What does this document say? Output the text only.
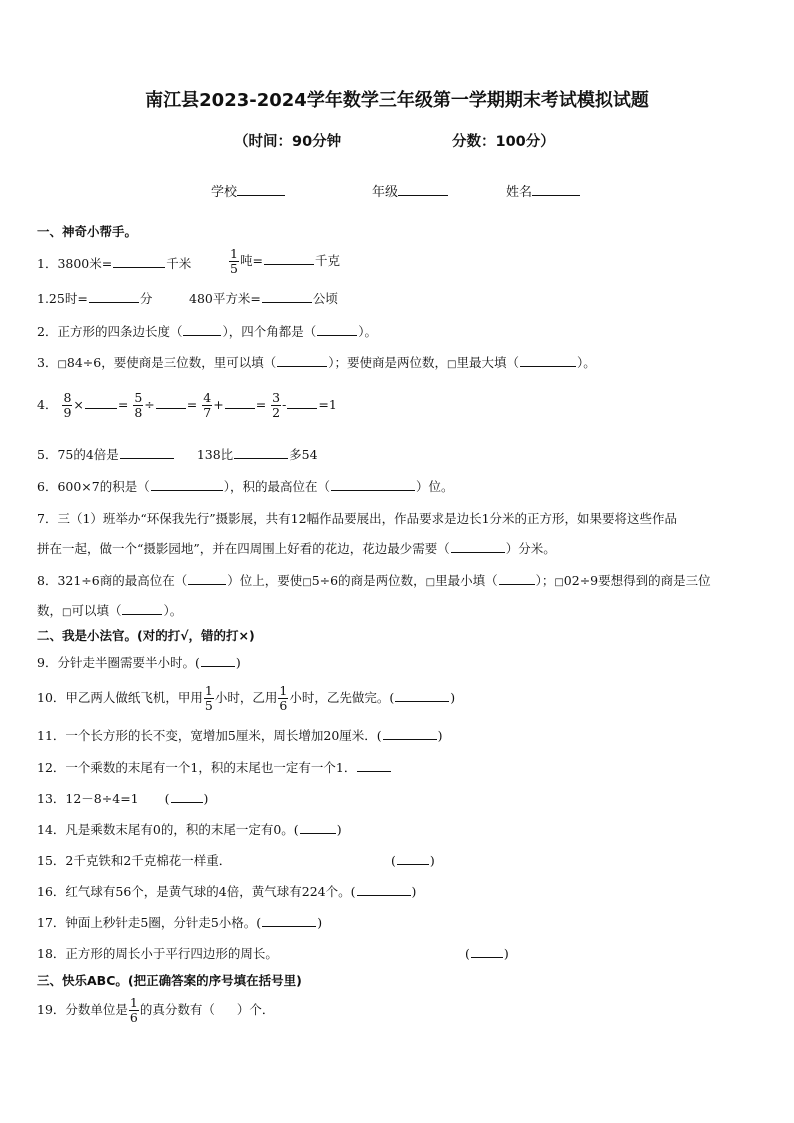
南江县2023-2024学年数学三年级第一学期期末考试模拟试题
（时间：90分钟	分数：100分）
学校	年级	姓名
一、神奇小帮手。
1．3800米=	千米	$\frac{1}{5}$ 吨=	千克
1.25时=	分	480平方米=	公顷
2．正方形的四条边长度（	），四个角都是（	）。
3．□84÷6，要使商是三位数，里可以填（	）；要使商是两位数，□里最大填（	）。
4． $\frac{8}{9}$ ×	= $\frac{5}{8}$ ÷	= $\frac{4}{7}$ +	= $\frac{3}{2}$ -	=1
5．75的4倍是	138比	多54
6．600×7的积是（	），积的最高位在（	）位。
7．三（1）班举办“环保我先行”摄影展，共有12幅作品要展出，作品要求是边长1分米的正方形，如果要将这些作品
拼在一起，做一个“摄影园地”，并在四周围上好看的花边，花边最少需要（	）分米。
8．321÷6商的最高位在（	）位上，要使□5÷6的商是两位数，□里最小填（	）；□02÷9要想得到的商是三位
数，□可以填（	）。
二、我是小法官。(对的打√，错的打×)
9．分针走半圈需要半小时。(	)
10．甲乙两人做纸飞机，甲用 $\frac{1}{5}$ 小时，乙用 $\frac{1}{6}$ 小时，乙先做完。(	)
11．一个长方形的长不变，宽增加5厘米，周长增加20厘米．(	)
12．一个乘数的末尾有一个1，积的末尾也一定有一个1．
13．12－8÷4=1 (	)
14．凡是乘数末尾有0的，积的末尾一定有0。(	)
15．2千克铁和2千克棉花一样重．	(	)
16．红气球有56个，是黄气球的4倍，黄气球有224个。(	)
17．钟面上秒针走5圈，分针走5小格。(	)
18．正方形的周长小于平行四边形的周长。	(	)
三、快乐ABC。(把正确答案的序号填在括号里)
19．分数单位是 $\frac{1}{6}$ 的真分数有（ ）个．
